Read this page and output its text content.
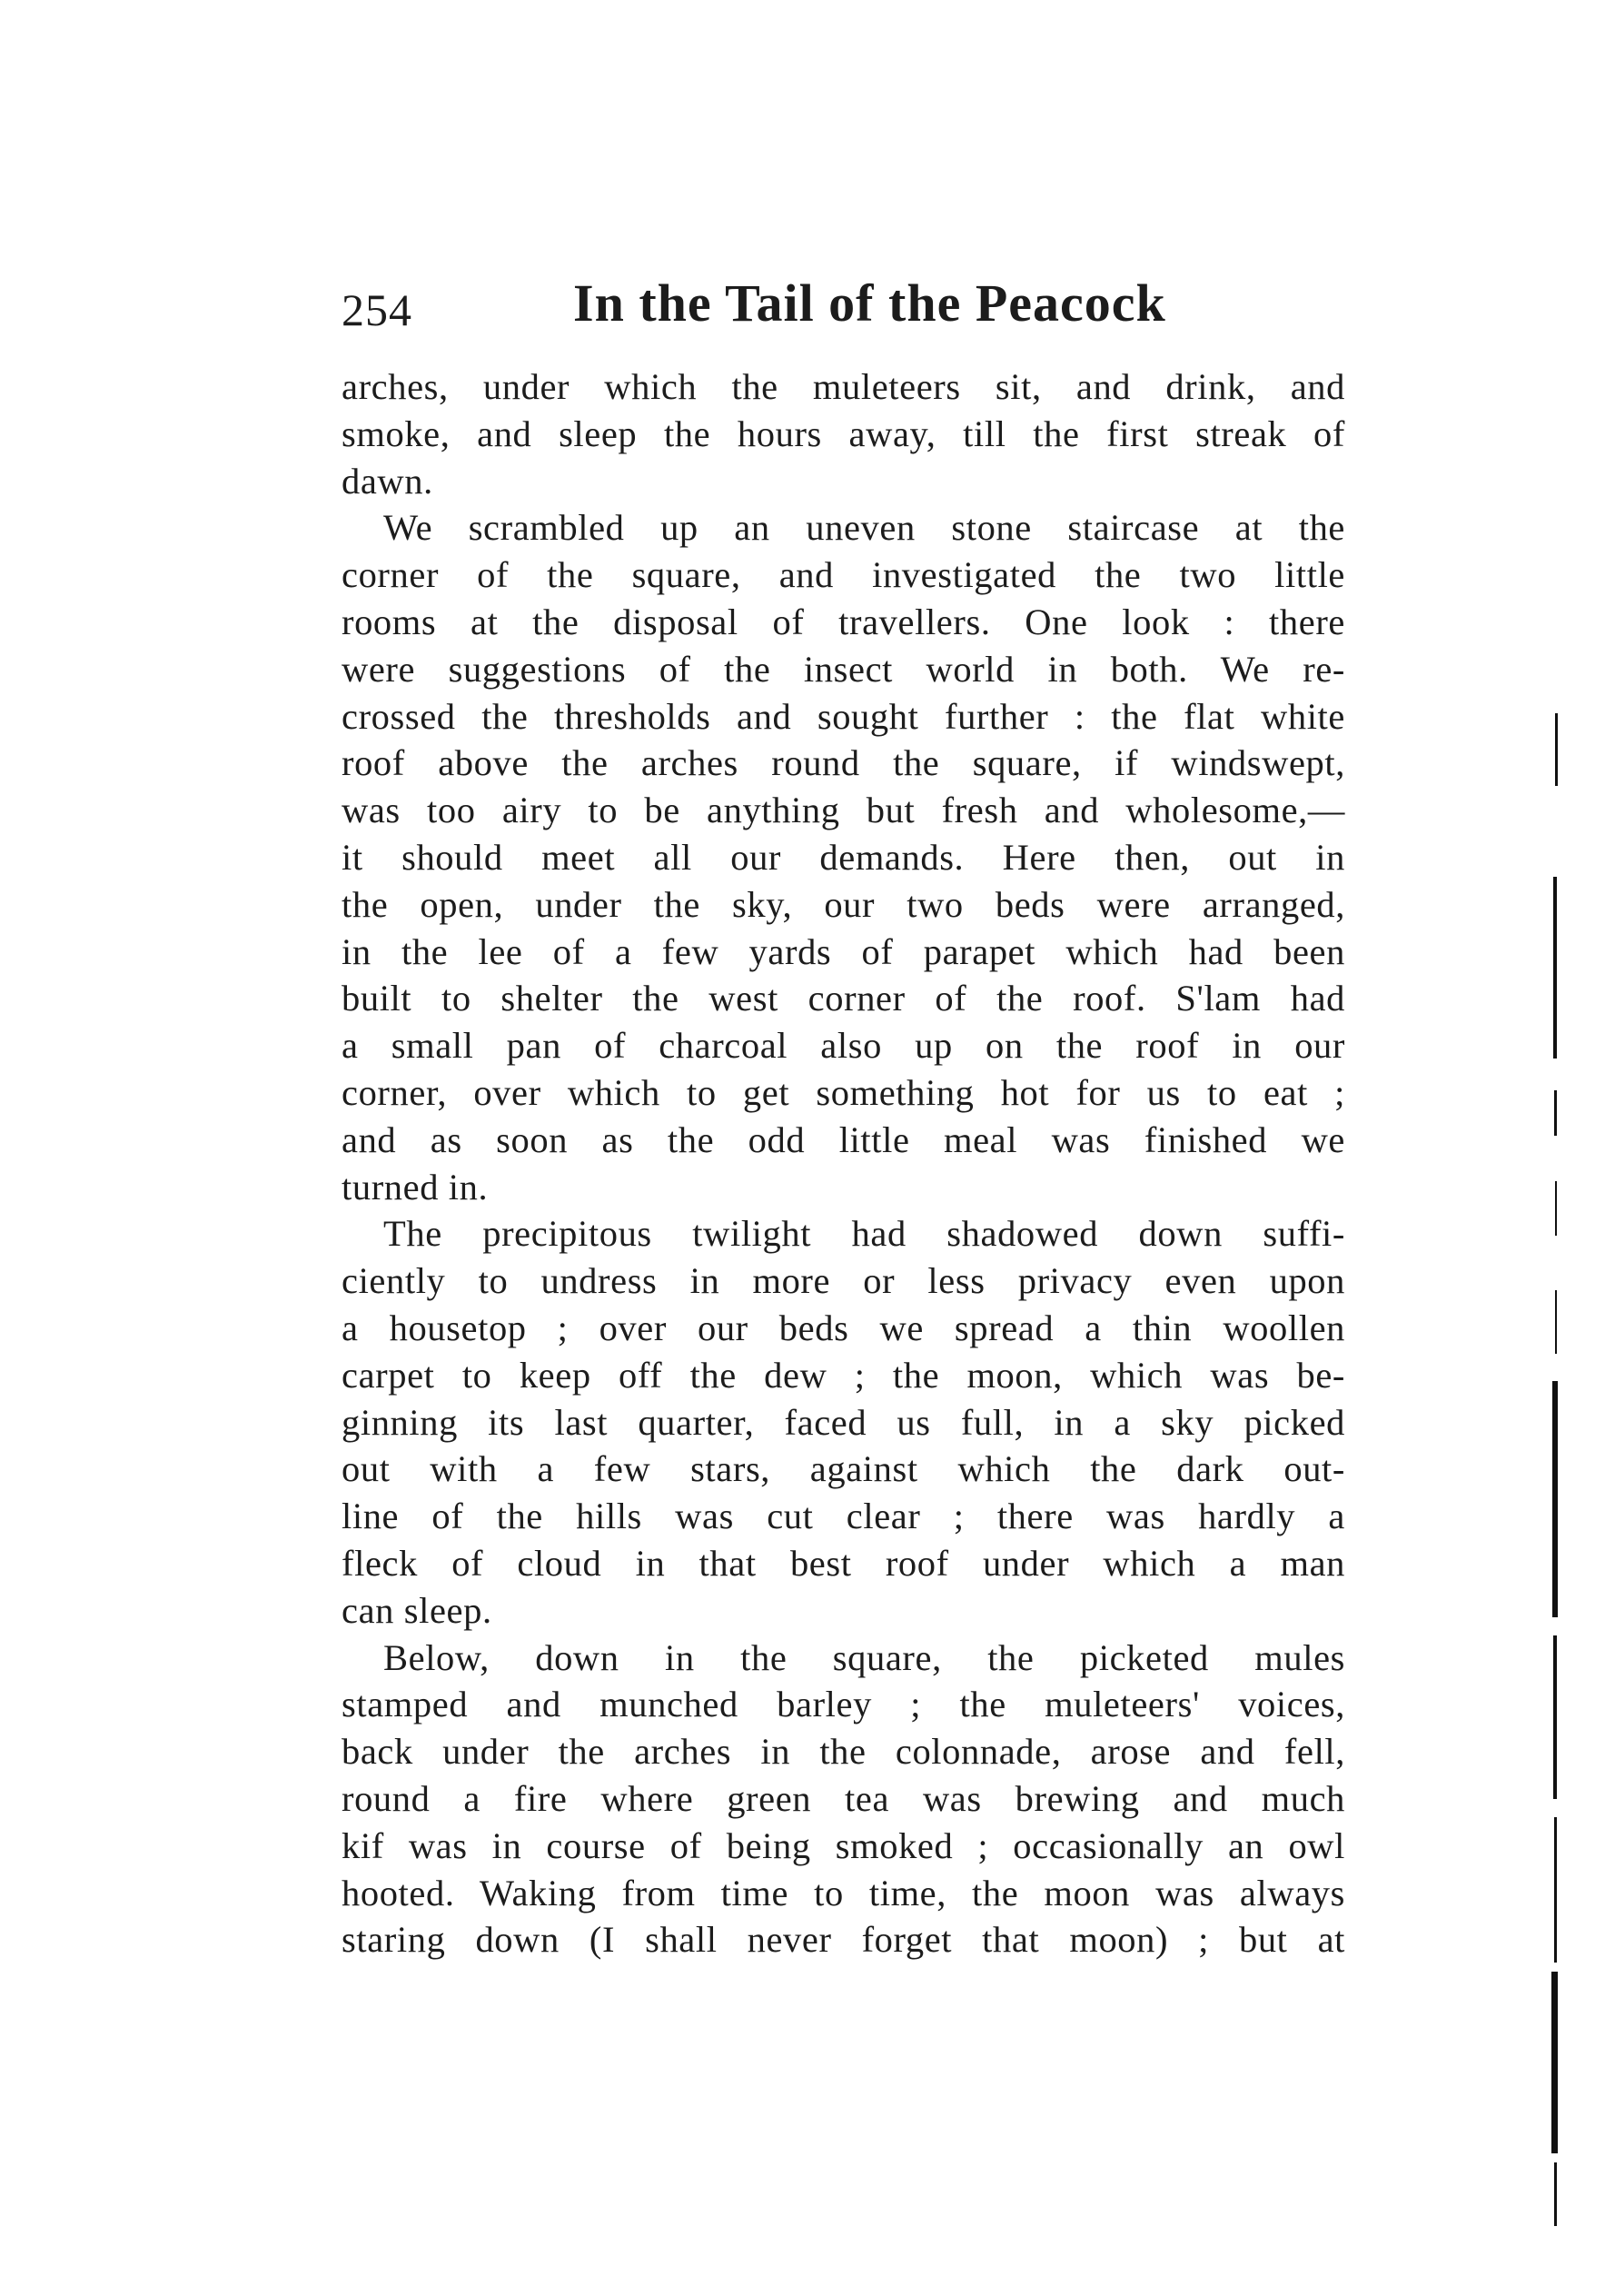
254	In the Tail of the Peacock
arches, under which the muleteers sit, and drink, and
smoke, and sleep the hours away, till the first streak of
dawn.
We scrambled up an uneven stone staircase at the
corner of the square, and investigated the two little
rooms at the disposal of travellers. One look : there
were suggestions of the insect world in both. We re-
crossed the thresholds and sought further : the flat white
roof above the arches round the square, if windswept,
was too airy to be anything but fresh and wholesome,—
it should meet all our demands. Here then, out in
the open, under the sky, our two beds were arranged,
in the lee of a few yards of parapet which had been
built to shelter the west corner of the roof. S'lam had
a small pan of charcoal also up on the roof in our
corner, over which to get something hot for us to eat ;
and as soon as the odd little meal was finished we
turned in.
The precipitous twilight had shadowed down suffi-
ciently to undress in more or less privacy even upon
a housetop ; over our beds we spread a thin woollen
carpet to keep off the dew ; the moon, which was be-
ginning its last quarter, faced us full, in a sky picked
out with a few stars, against which the dark out-
line of the hills was cut clear ; there was hardly a
fleck of cloud in that best roof under which a man
can sleep.
Below, down in the square, the picketed mules
stamped and munched barley ; the muleteers' voices,
back under the arches in the colonnade, arose and fell,
round a fire where green tea was brewing and much
kif was in course of being smoked ; occasionally an owl
hooted. Waking from time to time, the moon was always
staring down (I shall never forget that moon) ; but at
